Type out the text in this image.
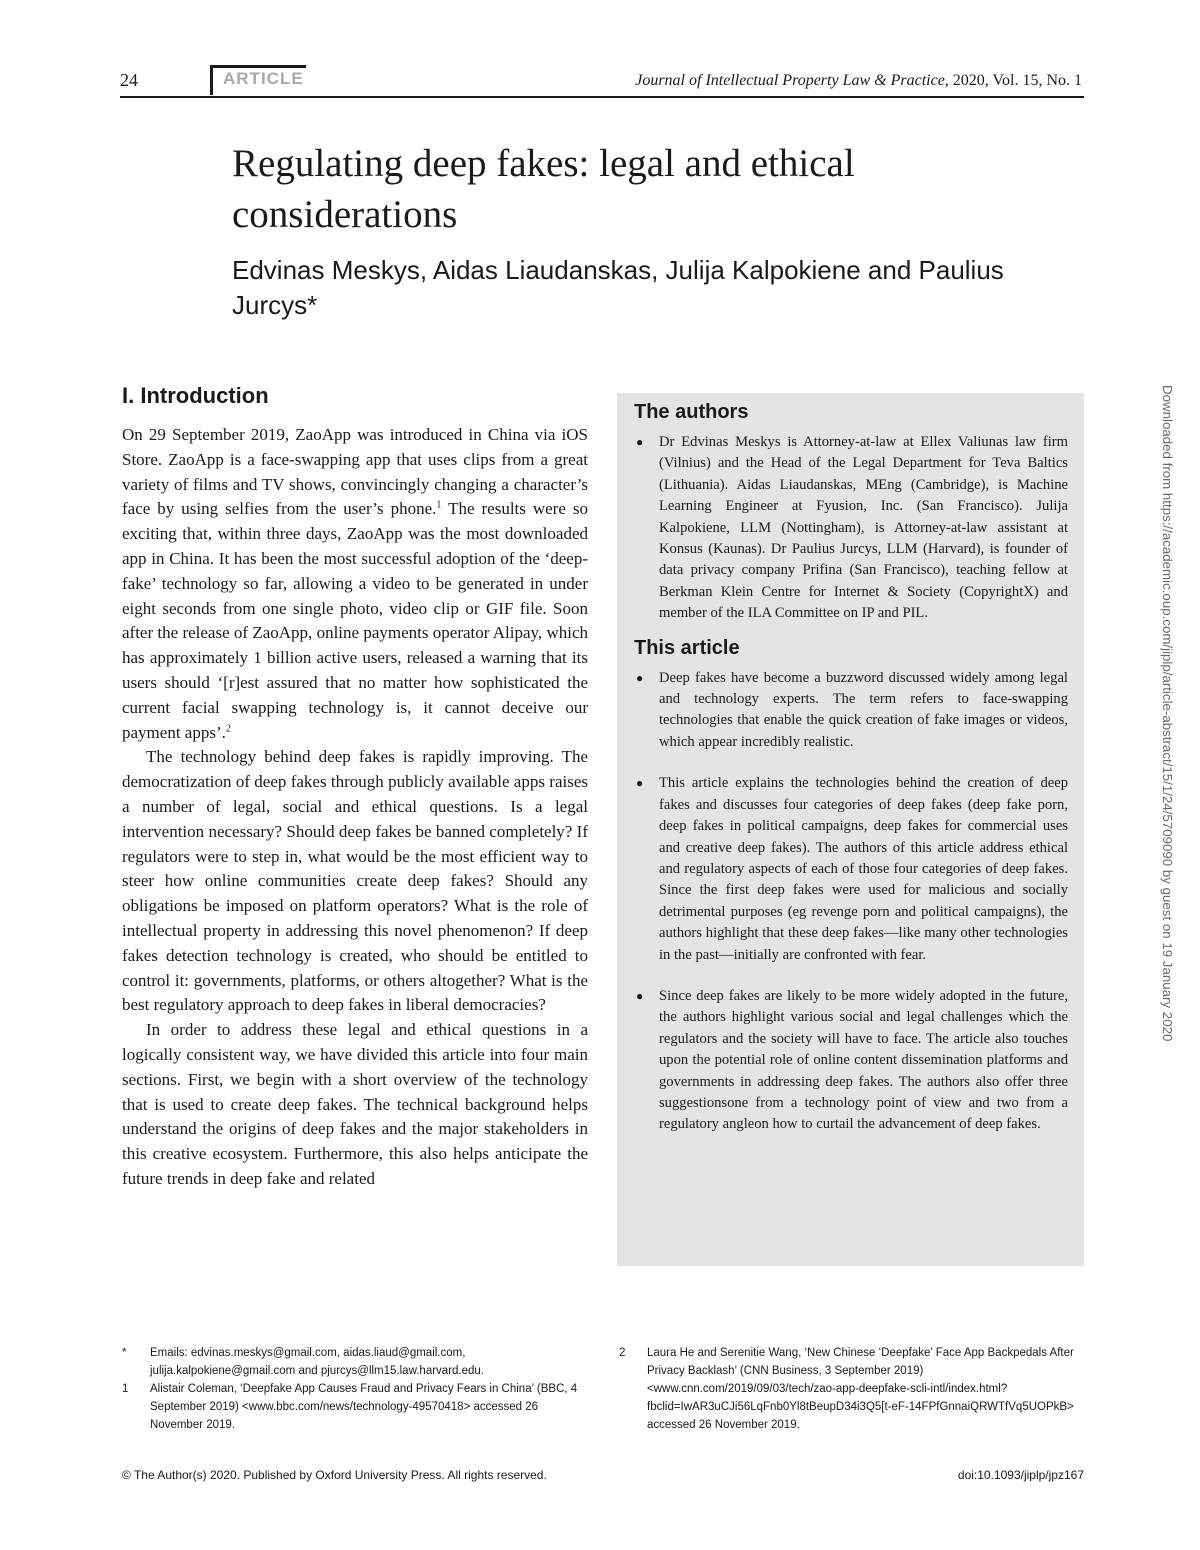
24	ARTICLE	Journal of Intellectual Property Law & Practice, 2020, Vol. 15, No. 1
Regulating deep fakes: legal and ethical considerations
Edvinas Meskys, Aidas Liaudanskas, Julija Kalpokiene and Paulius Jurcys*
I. Introduction

On 29 September 2019, ZaoApp was introduced in China via iOS Store. ZaoApp is a face-swapping app that uses clips from a great variety of films and TV shows, convincingly changing a character’s face by using selfies from the user’s phone.$^1$ The results were so exciting that, within three days, ZaoApp was the most downloaded app in China. It has been the most successful adoption of the ‘deep-fake’ technology so far, allowing a video to be generated in under eight seconds from one single photo, video clip or GIF file. Soon after the release of ZaoApp, online payments operator Alipay, which has approximately 1 billion active users, released a warning that its users should ‘[r]est assured that no matter how sophisticated the current facial swapping technology is, it cannot deceive our payment apps’.$^2$

The technology behind deep fakes is rapidly improving. The democratization of deep fakes through publicly available apps raises a number of legal, social and ethical questions. Is a legal intervention necessary? Should deep fakes be banned completely? If regulators were to step in, what would be the most efficient way to steer how online communities create deep fakes? Should any obligations be imposed on platform operators? What is the role of intellectual property in addressing this novel phenomenon? If deep fakes detection technology is created, who should be entitled to control it: governments, platforms, or others altogether? What is the best regulatory approach to deep fakes in liberal democracies?

In order to address these legal and ethical questions in a logically consistent way, we have divided this article into four main sections. First, we begin with a short overview of the technology that is used to create deep fakes. The technical background helps understand the origins of deep fakes and the major stakeholders in this creative ecosystem. Furthermore, this also helps anticipate the future trends in deep fake and related

The authors
● Dr Edvinas Meskys is Attorney-at-law at Ellex Valiunas law firm (Vilnius) and the Head of the Legal Department for Teva Baltics (Lithuania). Aidas Liaudanskas, MEng (Cambridge), is Machine Learning Engineer at Fyusion, Inc. (San Francisco). Julija Kalpokiene, LLM (Nottingham), is Attorney-at-law assistant at Konsus (Kaunas). Dr Paulius Jurcys, LLM (Harvard), is founder of data privacy company Prifina (San Francisco), teaching fellow at Berkman Klein Centre for Internet & Society (CopyrightX) and member of the ILA Committee on IP and PIL.
This article
● Deep fakes have become a buzzword discussed widely among legal and technology experts. The term refers to face-swapping technologies that enable the quick creation of fake images or videos, which appear incredibly realistic.
● This article explains the technologies behind the creation of deep fakes and discusses four categories of deep fakes (deep fake porn, deep fakes in political campaigns, deep fakes for commercial uses and creative deep fakes). The authors of this article address ethical and regulatory aspects of each of those four categories of deep fakes. Since the first deep fakes were used for malicious and socially detrimental purposes (eg revenge porn and political campaigns), the authors highlight that these deep fakes—like many other technologies in the past—initially are confronted with fear.
● Since deep fakes are likely to be more widely adopted in the future, the authors highlight various social and legal challenges which the regulators and the society will have to face. The article also touches upon the potential role of online content dissemination platforms and governments in addressing deep fakes. The authors also offer three suggestionsone from a technology point of view and two from a regulatory angleon how to curtail the advancement of deep fakes.
* Emails: edvinas.meskys@gmail.com, aidas.liaud@gmail.com, julija.kalpokiene@gmail.com and pjurcys@llm15.law.harvard.edu.
1 Alistair Coleman, ‘Deepfake App Causes Fraud and Privacy Fears in China’ (BBC, 4 September 2019) <www.bbc.com/news/technology-49570418> accessed 26 November 2019.
2 Laura He and Serenitie Wang, ‘New Chinese ‘Deepfake’ Face App Backpedals After Privacy Backlash’ (CNN Business, 3 September 2019) <www.cnn.com/2019/09/03/tech/zao-app-deepfake-scli-intl/index.html?fbclid=IwAR3uCJi56LqFnb0Yl8tBeupD34i3Q5[t-eF-14FPfGnnaiQRWTfVq5UOPkB> accessed 26 November 2019.
© The Author(s) 2020. Published by Oxford University Press. All rights reserved.	doi:10.1093/jiplp/jpz167
Downloaded from https://academic.oup.com/jiplp/article-abstract/15/1/24/5709090 by guest on 19 January 2020
